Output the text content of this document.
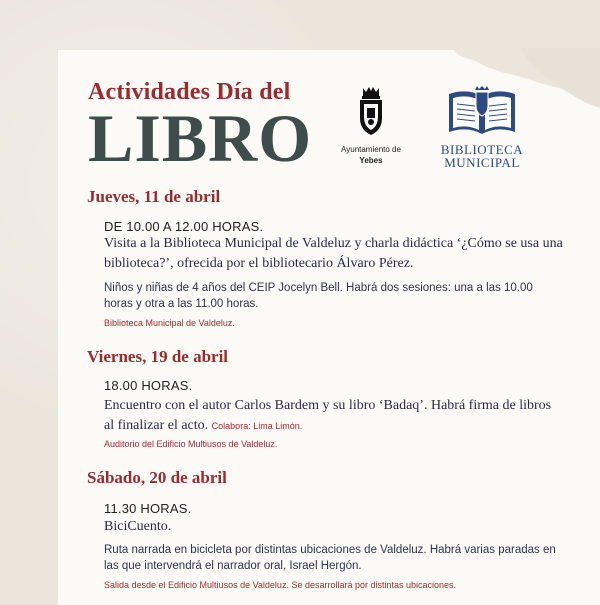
Actividades Día del
LIBRO	Ayuntamiento de
Yebes
BIBLIOTECA
MUNICIPAL
Jueves, 11 de abril
DE 10.00 A 12.00 HORAS.
Visita a la Biblioteca Municipal de Valdeluz y charla didáctica ‘¿Cómo se usa una biblioteca?’, ofrecida por el bibliotecario Álvaro Pérez.
Niños y niñas de 4 años del CEIP Jocelyn Bell. Habrá dos sesiones: una a las 10.00 horas y otra a las 11.00 horas.
Biblioteca Municipal de Valdeluz.
Viernes, 19 de abril
18.00 HORAS.
Encuentro con el autor Carlos Bardem y su libro ‘Badaq’. Habrá firma de libros al finalizar el acto. Colabora: Lima Limón.
Auditorio del Edificio Multiusos de Valdeluz.
Sábado, 20 de abril
11.30 HORAS.
BiciCuento.
Ruta narrada en bicicleta por distintas ubicaciones de Valdeluz. Habrá varias paradas en las que intervendrá el narrador oral, Israel Hergón.
Salida desde el Edificio Multiusos de Valdeluz. Se desarrollará por distintas ubicaciones.
